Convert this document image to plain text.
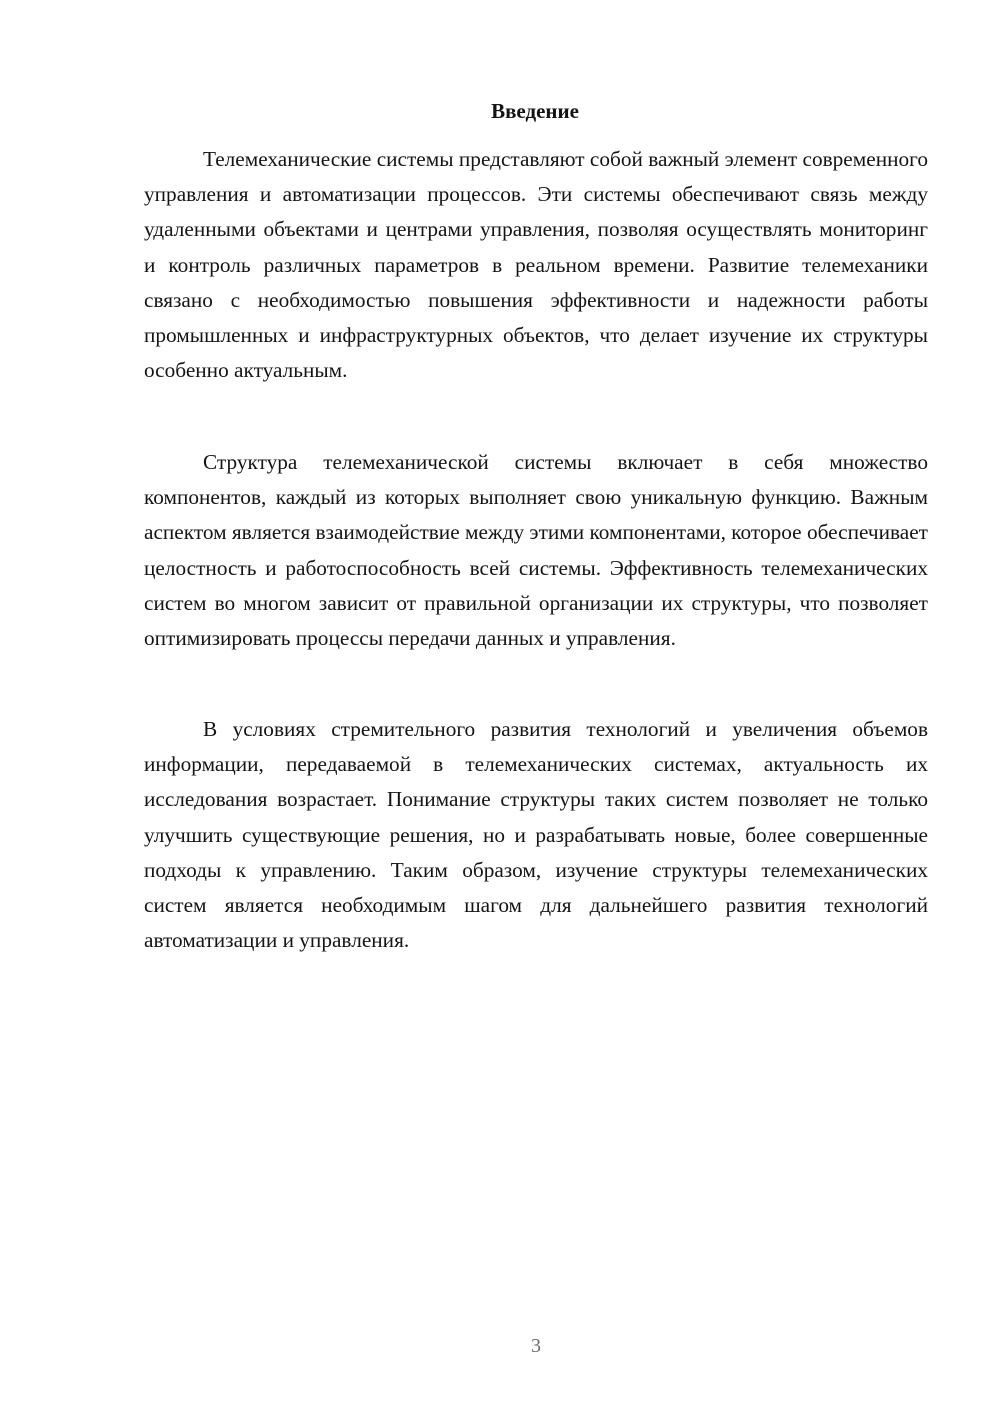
Введение

Телемеханические системы представляют собой важный элемент современного управления и автоматизации процессов. Эти системы обеспечивают связь между удаленными объектами и центрами управления, позволяя осуществлять мониторинг и контроль различных параметров в реальном времени. Развитие телемеханики связано с необходимостью повышения эффективности и надежности работы промышленных и инфраструктурных объектов, что делает изучение их структуры особенно актуальным.

Структура телемеханической системы включает в себя множество компонентов, каждый из которых выполняет свою уникальную функцию. Важным аспектом является взаимодействие между этими компонентами, которое обеспечивает целостность и работоспособность всей системы. Эффективность телемеханических систем во многом зависит от правильной организации их структуры, что позволяет оптимизировать процессы передачи данных и управления.

В условиях стремительного развития технологий и увеличения объемов информации, передаваемой в телемеханических системах, актуальность их исследования возрастает. Понимание структуры таких систем позволяет не только улучшить существующие решения, но и разрабатывать новые, более совершенные подходы к управлению. Таким образом, изучение структуры телемеханических систем является необходимым шагом для дальнейшего развития технологий автоматизации и управления.

3
